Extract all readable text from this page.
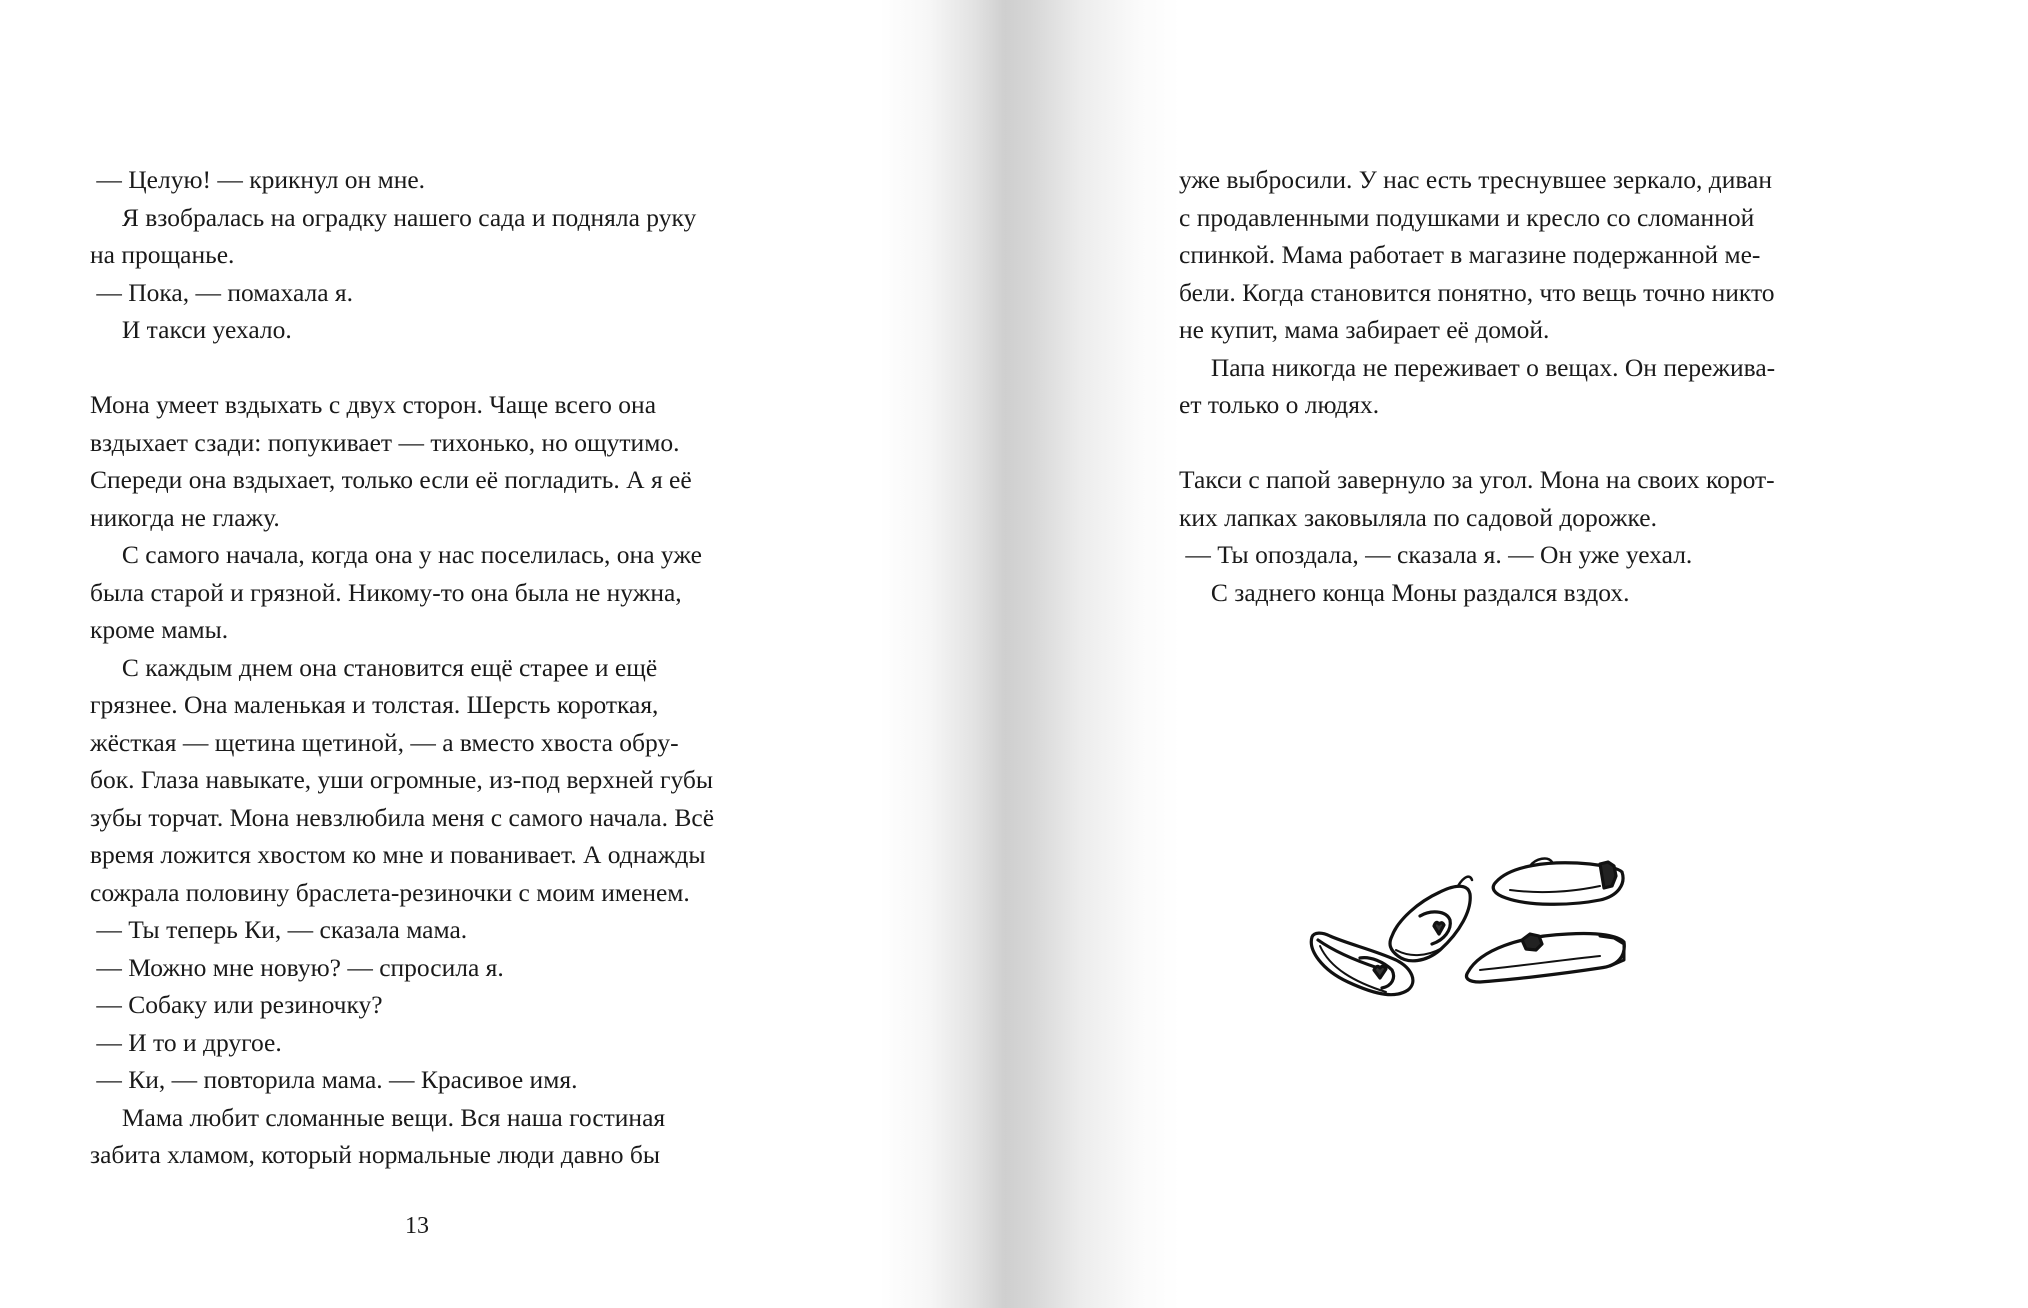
— Целую! — крикнул он мне.
Я взобралась на оградку нашего сада и подняла руку
на прощанье.
— Пока, — помахала я.
И такси уехало.
Мона умеет вздыхать с двух сторон. Чаще всего она
вздыхает сзади: попукивает — тихонько, но ощутимо.
Спереди она вздыхает, только если её погладить. А я её
никогда не глажу.
С самого начала, когда она у нас поселилась, она уже
была старой и грязной. Никому-то она была не нужна,
кроме мамы.
С каждым днем она становится ещё старее и ещё
грязнее. Она маленькая и толстая. Шерсть короткая,
жёсткая — щетина щетиной, — а вместо хвоста обру-
бок. Глаза навыкате, уши огромные, из-под верхней губы
зубы торчат. Мона невзлюбила меня с самого начала. Всё
время ложится хвостом ко мне и пованивает. А однажды
сожрала половину браслета-резиночки с моим именем.
— Ты теперь Ки, — сказала мама.
— Можно мне новую? — спросила я.
— Собаку или резиночку?
— И то и другое.
— Ки, — повторила мама. — Красивое имя.
Мама любит сломанные вещи. Вся наша гостиная
забита хламом, который нормальные люди давно бы
13
уже выбросили. У нас есть треснувшее зеркало, диван
с продавленными подушками и кресло со сломанной
спинкой. Мама работает в магазине подержанной ме-
бели. Когда становится понятно, что вещь точно никто
не купит, мама забирает её домой.
Папа никогда не переживает о вещах. Он пережива-
ет только о людях.
Такси с папой завернуло за угол. Мона на своих корот-
ких лапках заковыляла по садовой дорожке.
— Ты опоздала, — сказала я. — Он уже уехал.
С заднего конца Моны раздался вздох.
